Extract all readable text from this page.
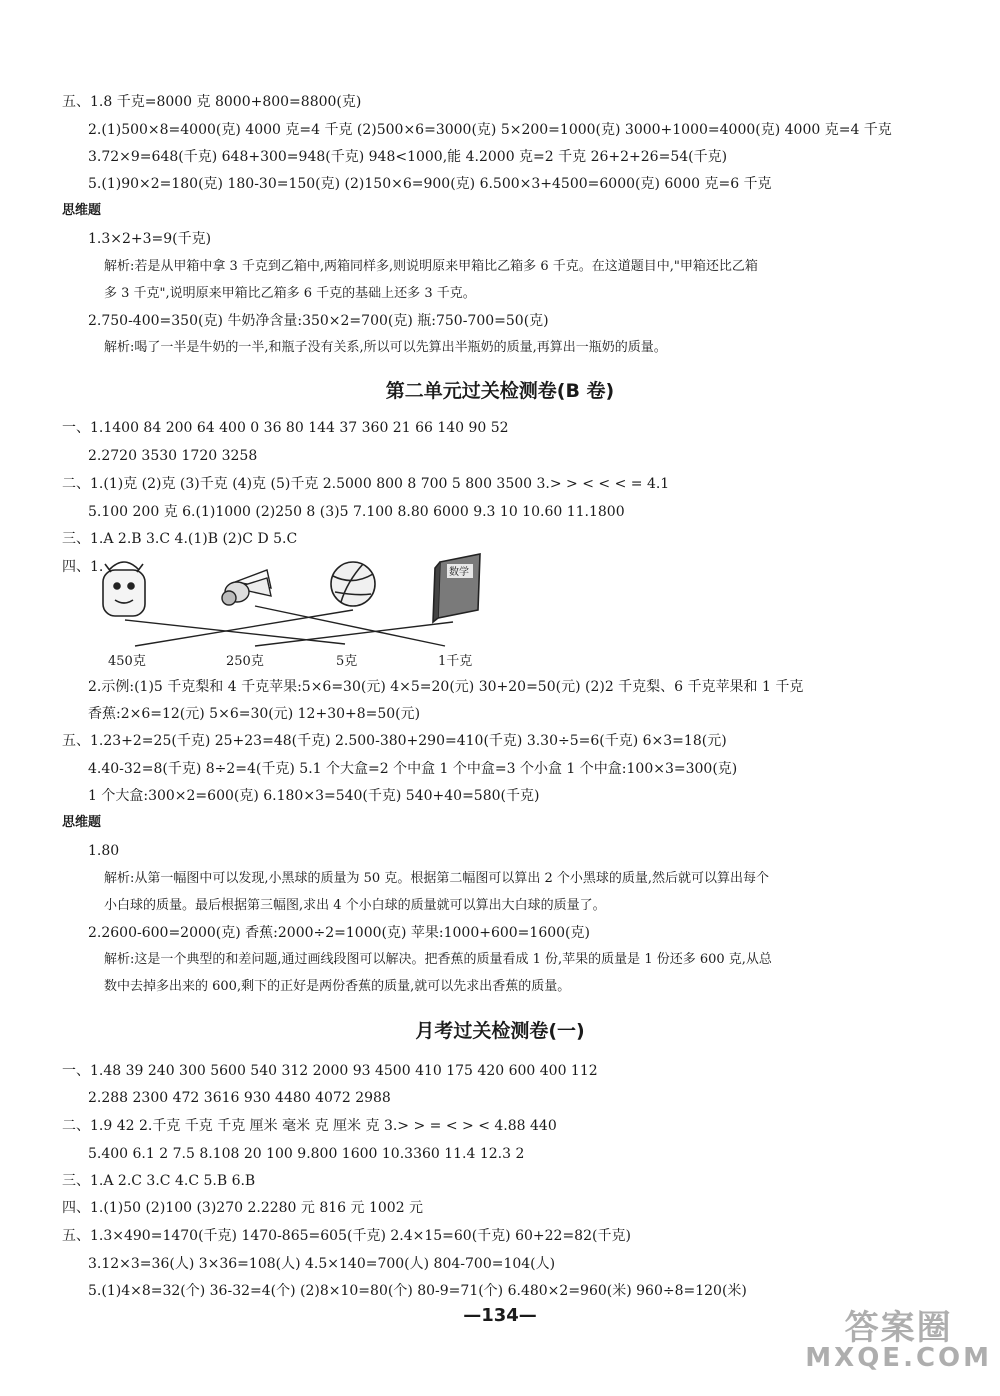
五、1.8 千克=8000 克 8000+800=8800(克)
2.(1)500×8=4000(克) 4000 克=4 千克 (2)500×6=3000(克) 5×200=1000(克) 3000+1000=4000(克) 4000 克=4 千克
3.72×9=648(千克) 648+300=948(千克) 948<1000,能 4.2000 克=2 千克 26+2+26=54(千克)
5.(1)90×2=180(克) 180-30=150(克) (2)150×6=900(克) 6.500×3+4500=6000(克) 6000 克=6 千克
思维题
1.3×2+3=9(千克)
解析:若是从甲箱中拿 3 千克到乙箱中,两箱同样多,则说明原来甲箱比乙箱多 6 千克。在这道题目中,"甲箱还比乙箱
多 3 千克",说明原来甲箱比乙箱多 6 千克的基础上还多 3 千克。
2.750-400=350(克) 牛奶净含量:350×2=700(克) 瓶:750-700=50(克)
解析:喝了一半是牛奶的一半,和瓶子没有关系,所以可以先算出半瓶奶的质量,再算出一瓶奶的质量。
第二单元过关检测卷(B 卷)
一、1.1400 84 200 64 400 0 36 80 144 37 360 21 66 140 90 52
2.2720 3530 1720 3258
二、1.(1)克 (2)克 (3)千克 (4)克 (5)千克 2.5000 800 8 700 5 800 3500 3.> > < < < = 4.1
5.100 200 克 6.(1)1000 (2)250 8 (3)5 7.100 8.80 6000 9.3 10 10.60 11.1800
三、1.A 2.B 3.C 4.(1)B (2)C D 5.C
四、1.	数学
450克	250克	5克	1千克
2.示例:(1)5 千克梨和 4 千克苹果:5×6=30(元) 4×5=20(元) 30+20=50(元) (2)2 千克梨、6 千克苹果和 1 千克
香蕉:2×6=12(元) 5×6=30(元) 12+30+8=50(元)
五、1.23+2=25(千克) 25+23=48(千克) 2.500-380+290=410(千克) 3.30÷5=6(千克) 6×3=18(元)
4.40-32=8(千克) 8÷2=4(千克) 5.1 个大盒=2 个中盒 1 个中盒=3 个小盒 1 个中盒:100×3=300(克)
1 个大盒:300×2=600(克) 6.180×3=540(千克) 540+40=580(千克)
思维题
1.80
解析:从第一幅图中可以发现,小黑球的质量为 50 克。根据第二幅图可以算出 2 个小黑球的质量,然后就可以算出每个
小白球的质量。最后根据第三幅图,求出 4 个小白球的质量就可以算出大白球的质量了。
2.2600-600=2000(克) 香蕉:2000÷2=1000(克) 苹果:1000+600=1600(克)
解析:这是一个典型的和差问题,通过画线段图可以解决。把香蕉的质量看成 1 份,苹果的质量是 1 份还多 600 克,从总
数中去掉多出来的 600,剩下的正好是两份香蕉的质量,就可以先求出香蕉的质量。
月考过关检测卷(一)
一、1.48 39 240 300 5600 540 312 2000 93 4500 410 175 420 600 400 112
2.288 2300 472 3616 930 4480 4072 2988
二、1.9 42 2.千克 千克 千克 厘米 毫米 克 厘米 克 3.> > = < > < 4.88 440
5.400 6.1 2 7.5 8.108 20 100 9.800 1600 10.3360 11.4 12.3 2
三、1.A 2.C 3.C 4.C 5.B 6.B
四、1.(1)50 (2)100 (3)270 2.2280 元 816 元 1002 元
五、1.3×490=1470(千克) 1470-865=605(千克) 2.4×15=60(千克) 60+22=82(千克)
3.12×3=36(人) 3×36=108(人) 4.5×140=700(人) 804-700=104(人)
5.(1)4×8=32(个) 36-32=4(个) (2)8×10=80(个) 80-9=71(个) 6.480×2=960(米) 960÷8=120(米)
—134—	答案圈
MXQE.COM
